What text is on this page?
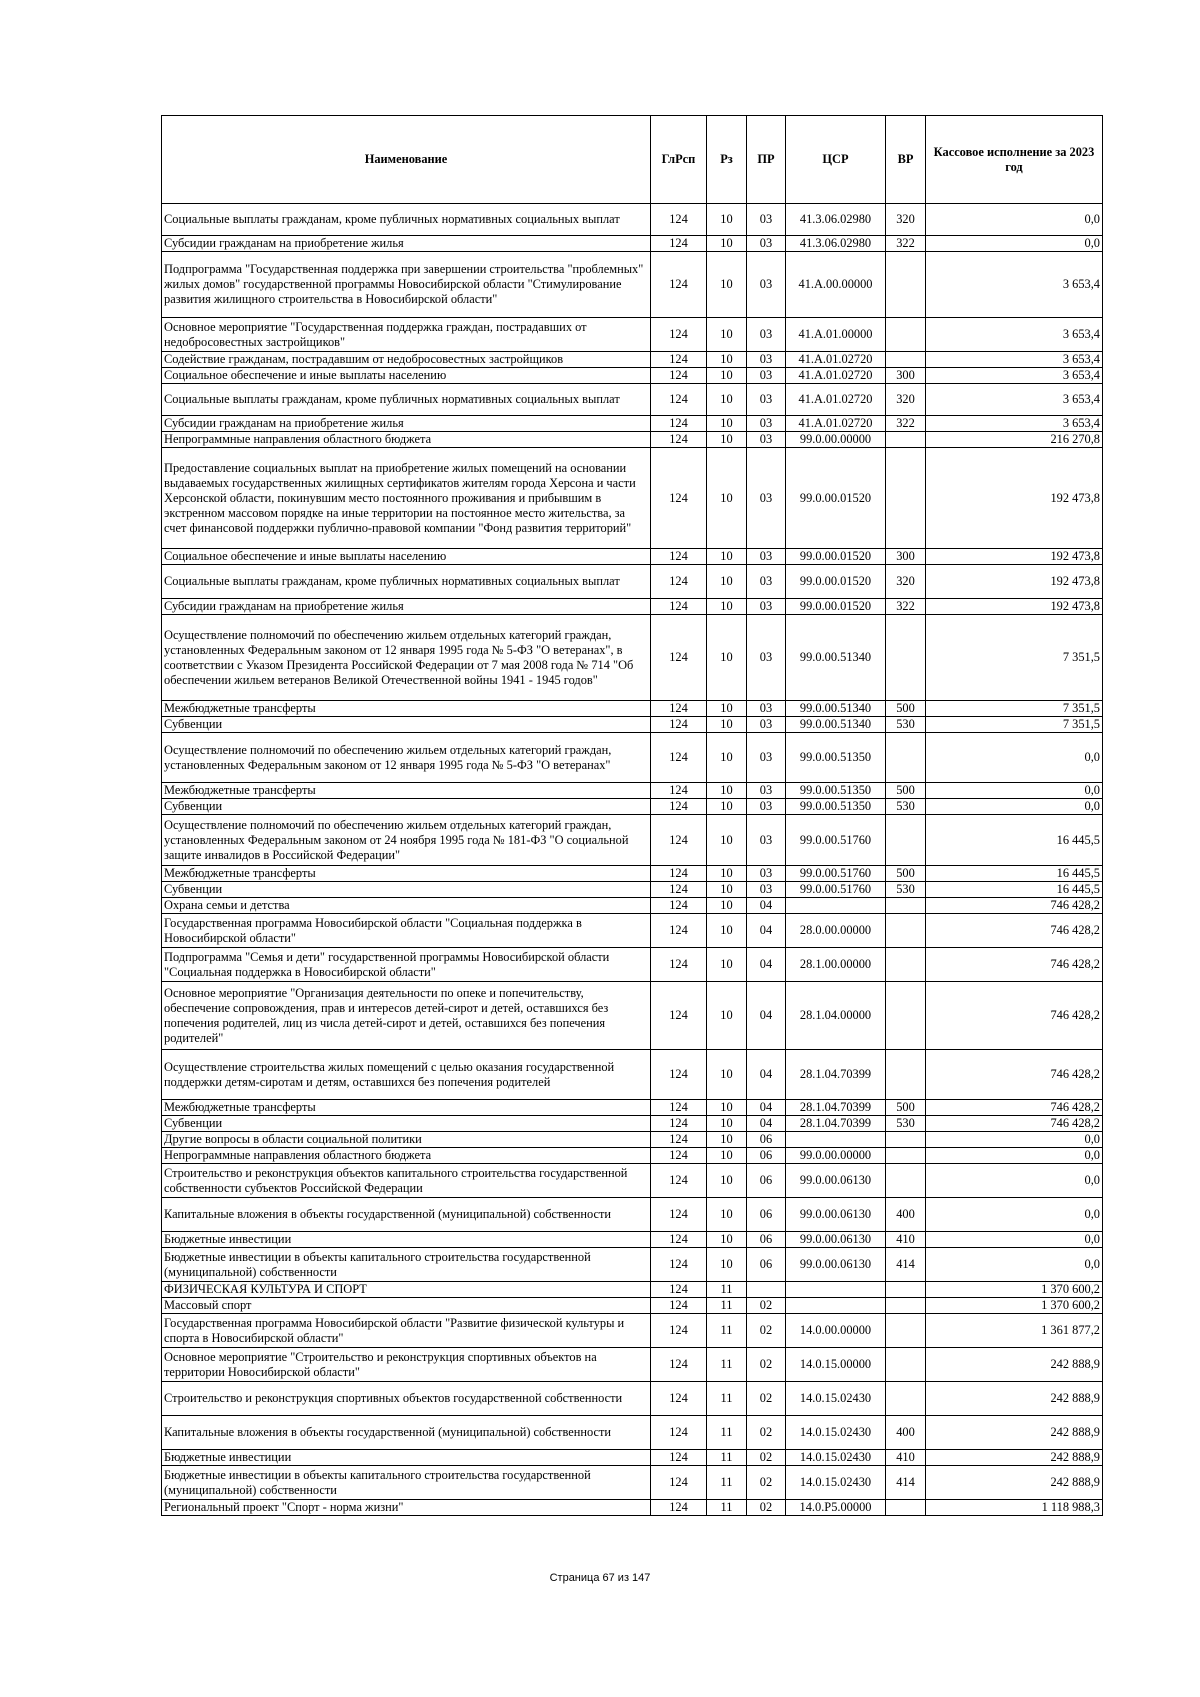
Наименование	ГлРсп	Рз	ПР	ЦСР	ВР	Кассовое исполнение за 2023 год
Социальные выплаты гражданам, кроме публичных нормативных социальных выплат	124	10	03	41.3.06.02980	320	0,0
Субсидии гражданам на приобретение жилья	124	10	03	41.3.06.02980	322	0,0
Подпрограмма "Государственная поддержка при завершении строительства "проблемных" жилых домов" государственной программы Новосибирской области "Стимулирование развития жилищного строительства в Новосибирской области"	124	10	03	41.А.00.00000		3 653,4
Основное мероприятие "Государственная поддержка граждан, пострадавших от недобросовестных застройщиков"	124	10	03	41.А.01.00000		3 653,4
Содействие гражданам, пострадавшим от недобросовестных застройщиков	124	10	03	41.А.01.02720		3 653,4
Социальное обеспечение и иные выплаты населению	124	10	03	41.А.01.02720	300	3 653,4
Социальные выплаты гражданам, кроме публичных нормативных социальных выплат	124	10	03	41.А.01.02720	320	3 653,4
Субсидии гражданам на приобретение жилья	124	10	03	41.А.01.02720	322	3 653,4
Непрограммные направления областного бюджета	124	10	03	99.0.00.00000		216 270,8
Предоставление социальных выплат на приобретение жилых помещений на основании выдаваемых государственных жилищных сертификатов жителям города Херсона и части Херсонской области, покинувшим место постоянного проживания и прибывшим в экстренном массовом порядке на иные территории на постоянное место жительства, за счет финансовой поддержки публично-правовой компании "Фонд развития территорий"	124	10	03	99.0.00.01520		192 473,8
Социальное обеспечение и иные выплаты населению	124	10	03	99.0.00.01520	300	192 473,8
Социальные выплаты гражданам, кроме публичных нормативных социальных выплат	124	10	03	99.0.00.01520	320	192 473,8
Субсидии гражданам на приобретение жилья	124	10	03	99.0.00.01520	322	192 473,8
Осуществление полномочий по обеспечению жильем отдельных категорий граждан, установленных Федеральным законом от 12 января 1995 года № 5-ФЗ "О ветеранах", в соответствии с Указом Президента Российской Федерации от 7 мая 2008 года № 714 "Об обеспечении жильем ветеранов Великой Отечественной войны 1941 - 1945 годов"	124	10	03	99.0.00.51340		7 351,5
Межбюджетные трансферты	124	10	03	99.0.00.51340	500	7 351,5
Субвенции	124	10	03	99.0.00.51340	530	7 351,5
Осуществление полномочий по обеспечению жильем отдельных категорий граждан, установленных Федеральным законом от 12 января 1995 года № 5-ФЗ "О ветеранах"	124	10	03	99.0.00.51350		0,0
Межбюджетные трансферты	124	10	03	99.0.00.51350	500	0,0
Субвенции	124	10	03	99.0.00.51350	530	0,0
Осуществление полномочий по обеспечению жильем отдельных категорий граждан, установленных Федеральным законом от 24 ноября 1995 года № 181-ФЗ "О социальной защите инвалидов в Российской Федерации"	124	10	03	99.0.00.51760		16 445,5
Межбюджетные трансферты	124	10	03	99.0.00.51760	500	16 445,5
Субвенции	124	10	03	99.0.00.51760	530	16 445,5
Охрана семьи и детства	124	10	04			746 428,2
Государственная программа Новосибирской области "Социальная поддержка в Новосибирской области"	124	10	04	28.0.00.00000		746 428,2
Подпрограмма "Семья и дети" государственной программы Новосибирской области "Социальная поддержка в Новосибирской области"	124	10	04	28.1.00.00000		746 428,2
Основное мероприятие "Организация деятельности по опеке и попечительству, обеспечение сопровождения, прав и интересов детей-сирот и детей, оставшихся без попечения родителей, лиц из числа детей-сирот и детей, оставшихся без попечения родителей"	124	10	04	28.1.04.00000		746 428,2
Осуществление строительства жилых помещений с целью оказания государственной поддержки детям-сиротам и детям, оставшихся без попечения родителей	124	10	04	28.1.04.70399		746 428,2
Межбюджетные трансферты	124	10	04	28.1.04.70399	500	746 428,2
Субвенции	124	10	04	28.1.04.70399	530	746 428,2
Другие вопросы в области социальной политики	124	10	06			0,0
Непрограммные направления областного бюджета	124	10	06	99.0.00.00000		0,0
Строительство и реконструкция объектов капитального строительства государственной собственности субъектов Российской Федерации	124	10	06	99.0.00.06130		0,0
Капитальные вложения в объекты государственной (муниципальной) собственности	124	10	06	99.0.00.06130	400	0,0
Бюджетные инвестиции	124	10	06	99.0.00.06130	410	0,0
Бюджетные инвестиции в объекты капитального строительства государственной (муниципальной) собственности	124	10	06	99.0.00.06130	414	0,0
ФИЗИЧЕСКАЯ КУЛЬТУРА И СПОРТ	124	11				1 370 600,2
Массовый спорт	124	11	02			1 370 600,2
Государственная программа Новосибирской области "Развитие физической культуры и спорта в Новосибирской области"	124	11	02	14.0.00.00000		1 361 877,2
Основное мероприятие "Строительство и реконструкция спортивных объектов на территории Новосибирской области"	124	11	02	14.0.15.00000		242 888,9
Строительство и реконструкция спортивных объектов государственной собственности	124	11	02	14.0.15.02430		242 888,9
Капитальные вложения в объекты государственной (муниципальной) собственности	124	11	02	14.0.15.02430	400	242 888,9
Бюджетные инвестиции	124	11	02	14.0.15.02430	410	242 888,9
Бюджетные инвестиции в объекты капитального строительства государственной (муниципальной) собственности	124	11	02	14.0.15.02430	414	242 888,9
Региональный проект "Спорт - норма жизни"	124	11	02	14.0.P5.00000		1 118 988,3
Страница 67 из 147
